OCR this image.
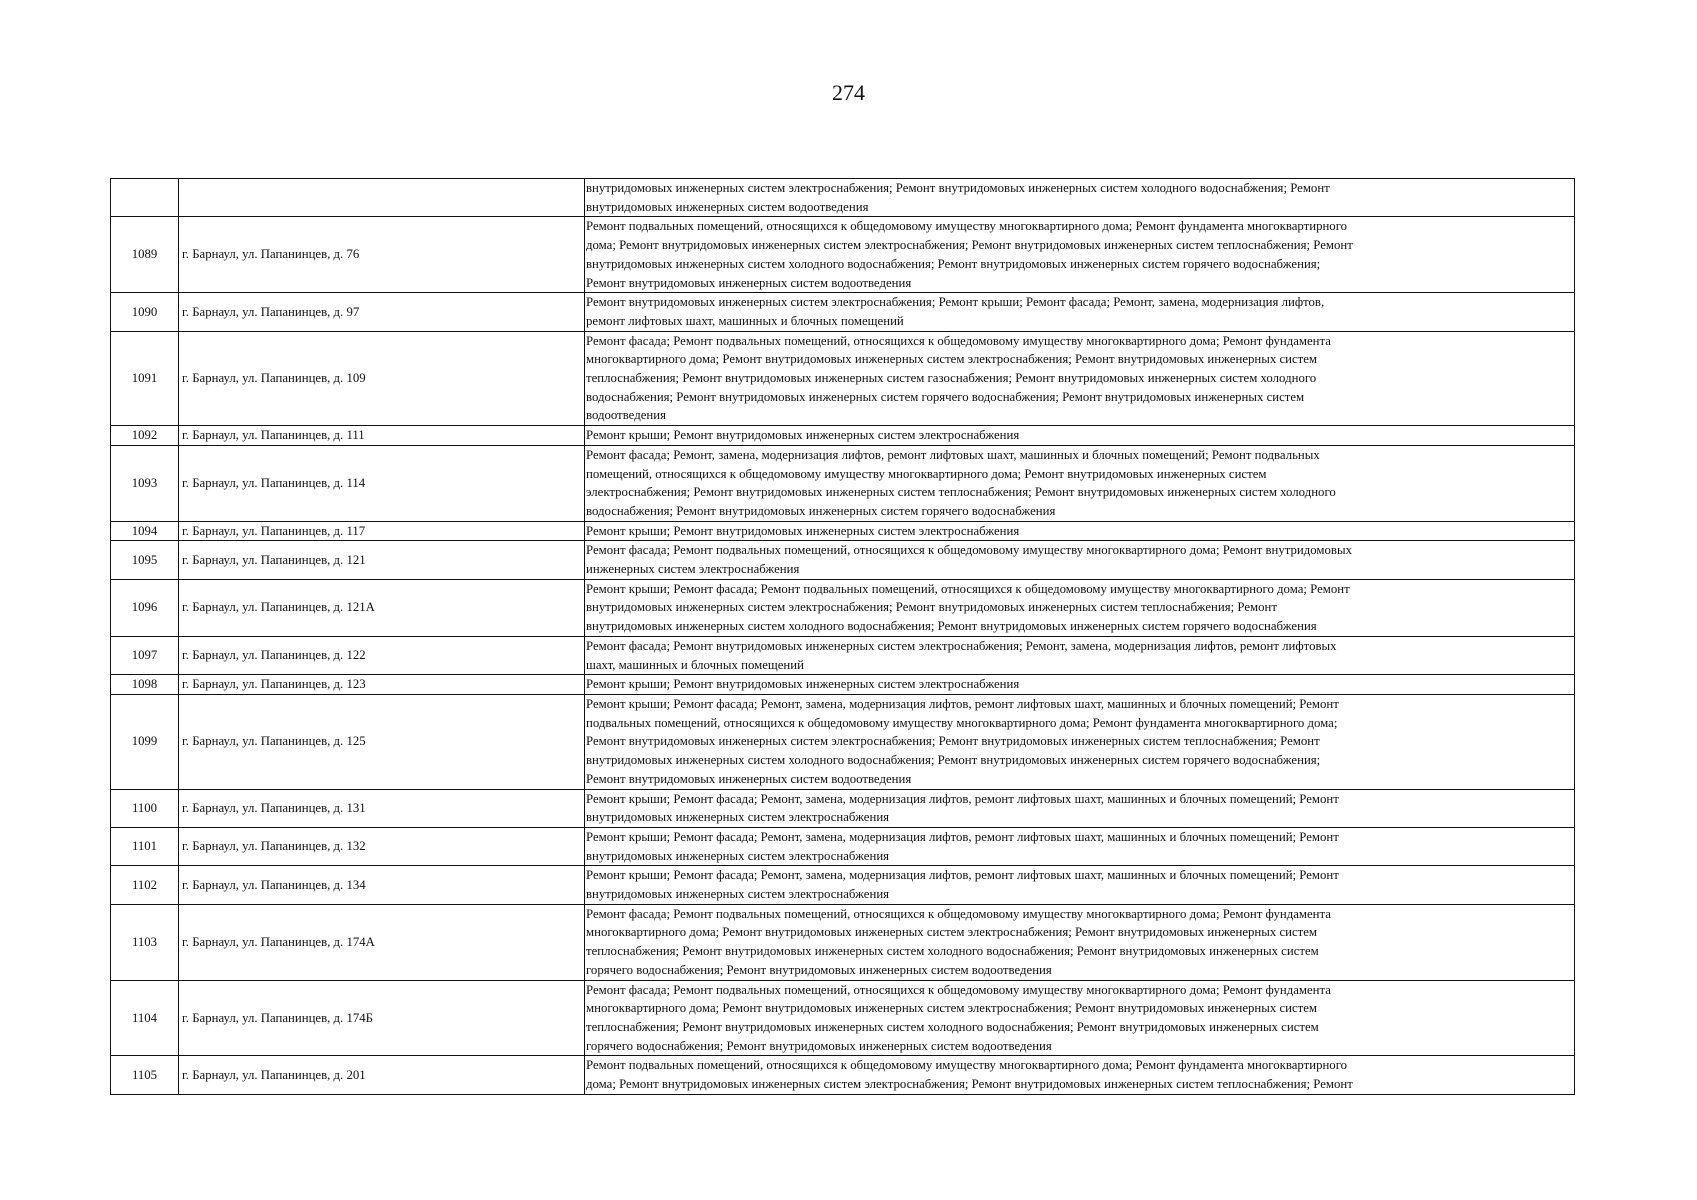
274

		внутридомовых инженерных систем электроснабжения; Ремонт внутридомовых инженерных систем холодного водоснабжения; Ремонт
внутридомовых инженерных систем водоотведения

1089	г. Барнаул, ул. Папанинцев, д. 76	Ремонт подвальных помещений, относящихся к общедомовому имуществу многоквартирного дома; Ремонт фундамента многоквартирного
дома; Ремонт внутридомовых инженерных систем электроснабжения; Ремонт внутридомовых инженерных систем теплоснабжения; Ремонт
внутридомовых инженерных систем холодного водоснабжения; Ремонт внутридомовых инженерных систем горячего водоснабжения;
Ремонт внутридомовых инженерных систем водоотведения

1090	г. Барнаул, ул. Папанинцев, д. 97	Ремонт внутридомовых инженерных систем электроснабжения; Ремонт крыши; Ремонт фасада; Ремонт, замена, модернизация лифтов,
ремонт лифтовых шахт, машинных и блочных помещений

1091	г. Барнаул, ул. Папанинцев, д. 109	Ремонт фасада; Ремонт подвальных помещений, относящихся к общедомовому имуществу многоквартирного дома; Ремонт фундамента
многоквартирного дома; Ремонт внутридомовых инженерных систем электроснабжения; Ремонт внутридомовых инженерных систем
теплоснабжения; Ремонт внутридомовых инженерных систем газоснабжения; Ремонт внутридомовых инженерных систем холодного
водоснабжения; Ремонт внутридомовых инженерных систем горячего водоснабжения; Ремонт внутридомовых инженерных систем
водоотведения

1092	г. Барнаул, ул. Папанинцев, д. 111	Ремонт крыши; Ремонт внутридомовых инженерных систем электроснабжения

1093	г. Барнаул, ул. Папанинцев, д. 114	Ремонт фасада; Ремонт, замена, модернизация лифтов, ремонт лифтовых шахт, машинных и блочных помещений; Ремонт подвальных
помещений, относящихся к общедомовому имуществу многоквартирного дома; Ремонт внутридомовых инженерных систем
электроснабжения; Ремонт внутридомовых инженерных систем теплоснабжения; Ремонт внутридомовых инженерных систем холодного
водоснабжения; Ремонт внутридомовых инженерных систем горячего водоснабжения

1094	г. Барнаул, ул. Папанинцев, д. 117	Ремонт крыши; Ремонт внутридомовых инженерных систем электроснабжения

1095	г. Барнаул, ул. Папанинцев, д. 121	Ремонт фасада; Ремонт подвальных помещений, относящихся к общедомовому имуществу многоквартирного дома; Ремонт внутридомовых
инженерных систем электроснабжения

1096	г. Барнаул, ул. Папанинцев, д. 121А	Ремонт крыши; Ремонт фасада; Ремонт подвальных помещений, относящихся к общедомовому имуществу многоквартирного дома; Ремонт
внутридомовых инженерных систем электроснабжения; Ремонт внутридомовых инженерных систем теплоснабжения; Ремонт
внутридомовых инженерных систем холодного водоснабжения; Ремонт внутридомовых инженерных систем горячего водоснабжения

1097	г. Барнаул, ул. Папанинцев, д. 122	Ремонт фасада; Ремонт внутридомовых инженерных систем электроснабжения; Ремонт, замена, модернизация лифтов, ремонт лифтовых
шахт, машинных и блочных помещений

1098	г. Барнаул, ул. Папанинцев, д. 123	Ремонт крыши; Ремонт внутридомовых инженерных систем электроснабжения

1099	г. Барнаул, ул. Папанинцев, д. 125	Ремонт крыши; Ремонт фасада; Ремонт, замена, модернизация лифтов, ремонт лифтовых шахт, машинных и блочных помещений; Ремонт
подвальных помещений, относящихся к общедомовому имуществу многоквартирного дома; Ремонт фундамента многоквартирного дома;
Ремонт внутридомовых инженерных систем электроснабжения; Ремонт внутридомовых инженерных систем теплоснабжения; Ремонт
внутридомовых инженерных систем холодного водоснабжения; Ремонт внутридомовых инженерных систем горячего водоснабжения;
Ремонт внутридомовых инженерных систем водоотведения

1100	г. Барнаул, ул. Папанинцев, д. 131	Ремонт крыши; Ремонт фасада; Ремонт, замена, модернизация лифтов, ремонт лифтовых шахт, машинных и блочных помещений; Ремонт
внутридомовых инженерных систем электроснабжения

1101	г. Барнаул, ул. Папанинцев, д. 132	Ремонт крыши; Ремонт фасада; Ремонт, замена, модернизация лифтов, ремонт лифтовых шахт, машинных и блочных помещений; Ремонт
внутридомовых инженерных систем электроснабжения

1102	г. Барнаул, ул. Папанинцев, д. 134	Ремонт крыши; Ремонт фасада; Ремонт, замена, модернизация лифтов, ремонт лифтовых шахт, машинных и блочных помещений; Ремонт
внутридомовых инженерных систем электроснабжения

1103	г. Барнаул, ул. Папанинцев, д. 174А	Ремонт фасада; Ремонт подвальных помещений, относящихся к общедомовому имуществу многоквартирного дома; Ремонт фундамента
многоквартирного дома; Ремонт внутридомовых инженерных систем электроснабжения; Ремонт внутридомовых инженерных систем
теплоснабжения; Ремонт внутридомовых инженерных систем холодного водоснабжения; Ремонт внутридомовых инженерных систем
горячего водоснабжения; Ремонт внутридомовых инженерных систем водоотведения

1104	г. Барнаул, ул. Папанинцев, д. 174Б	Ремонт фасада; Ремонт подвальных помещений, относящихся к общедомовому имуществу многоквартирного дома; Ремонт фундамента
многоквартирного дома; Ремонт внутридомовых инженерных систем электроснабжения; Ремонт внутридомовых инженерных систем
теплоснабжения; Ремонт внутридомовых инженерных систем холодного водоснабжения; Ремонт внутридомовых инженерных систем
горячего водоснабжения; Ремонт внутридомовых инженерных систем водоотведения

1105	г. Барнаул, ул. Папанинцев, д. 201	Ремонт подвальных помещений, относящихся к общедомовому имуществу многоквартирного дома; Ремонт фундамента многоквартирного
дома; Ремонт внутридомовых инженерных систем электроснабжения; Ремонт внутридомовых инженерных систем теплоснабжения; Ремонт
